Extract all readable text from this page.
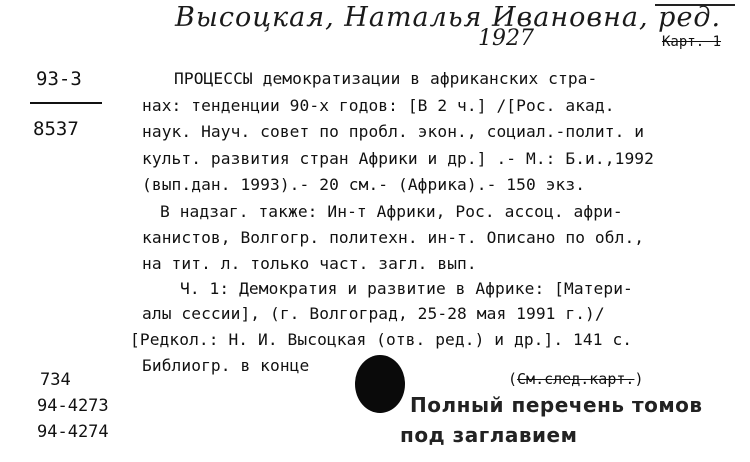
Высоцкая, Наталья Ивановна, ред.
1927	Карт. 1
93-3
8537
ПРОЦЕССЫ демократизации в африканских стра-
нах: тенденции 90-х годов: [В 2 ч.] /[Рос. акад.
наук. Науч. совет по пробл. экон., социал.-полит. и
культ. развития стран Африки и др.] .- М.: Б.и.,1992
(вып.дан. 1993).- 20 см.- (Африка).- 150 экз.
В надзаг. также: Ин-т Африки, Рос. ассоц. афри-
канистов, Волгогр. политехн. ин-т. Описано по обл.,
на тит. л. только част. загл. вып.
Ч. 1: Демократия и развитие в Африке: [Матери-
алы сессии], (г. Волгоград, 25-28 мая 1991 г.)/
[Редкол.: Н. И. Высоцкая (отв. ред.) и др.]. 141 с.
Библиогр. в конце
734
94-4273
94-4274
(См.след.карт.)
Полный перечень томов
под заглавием
